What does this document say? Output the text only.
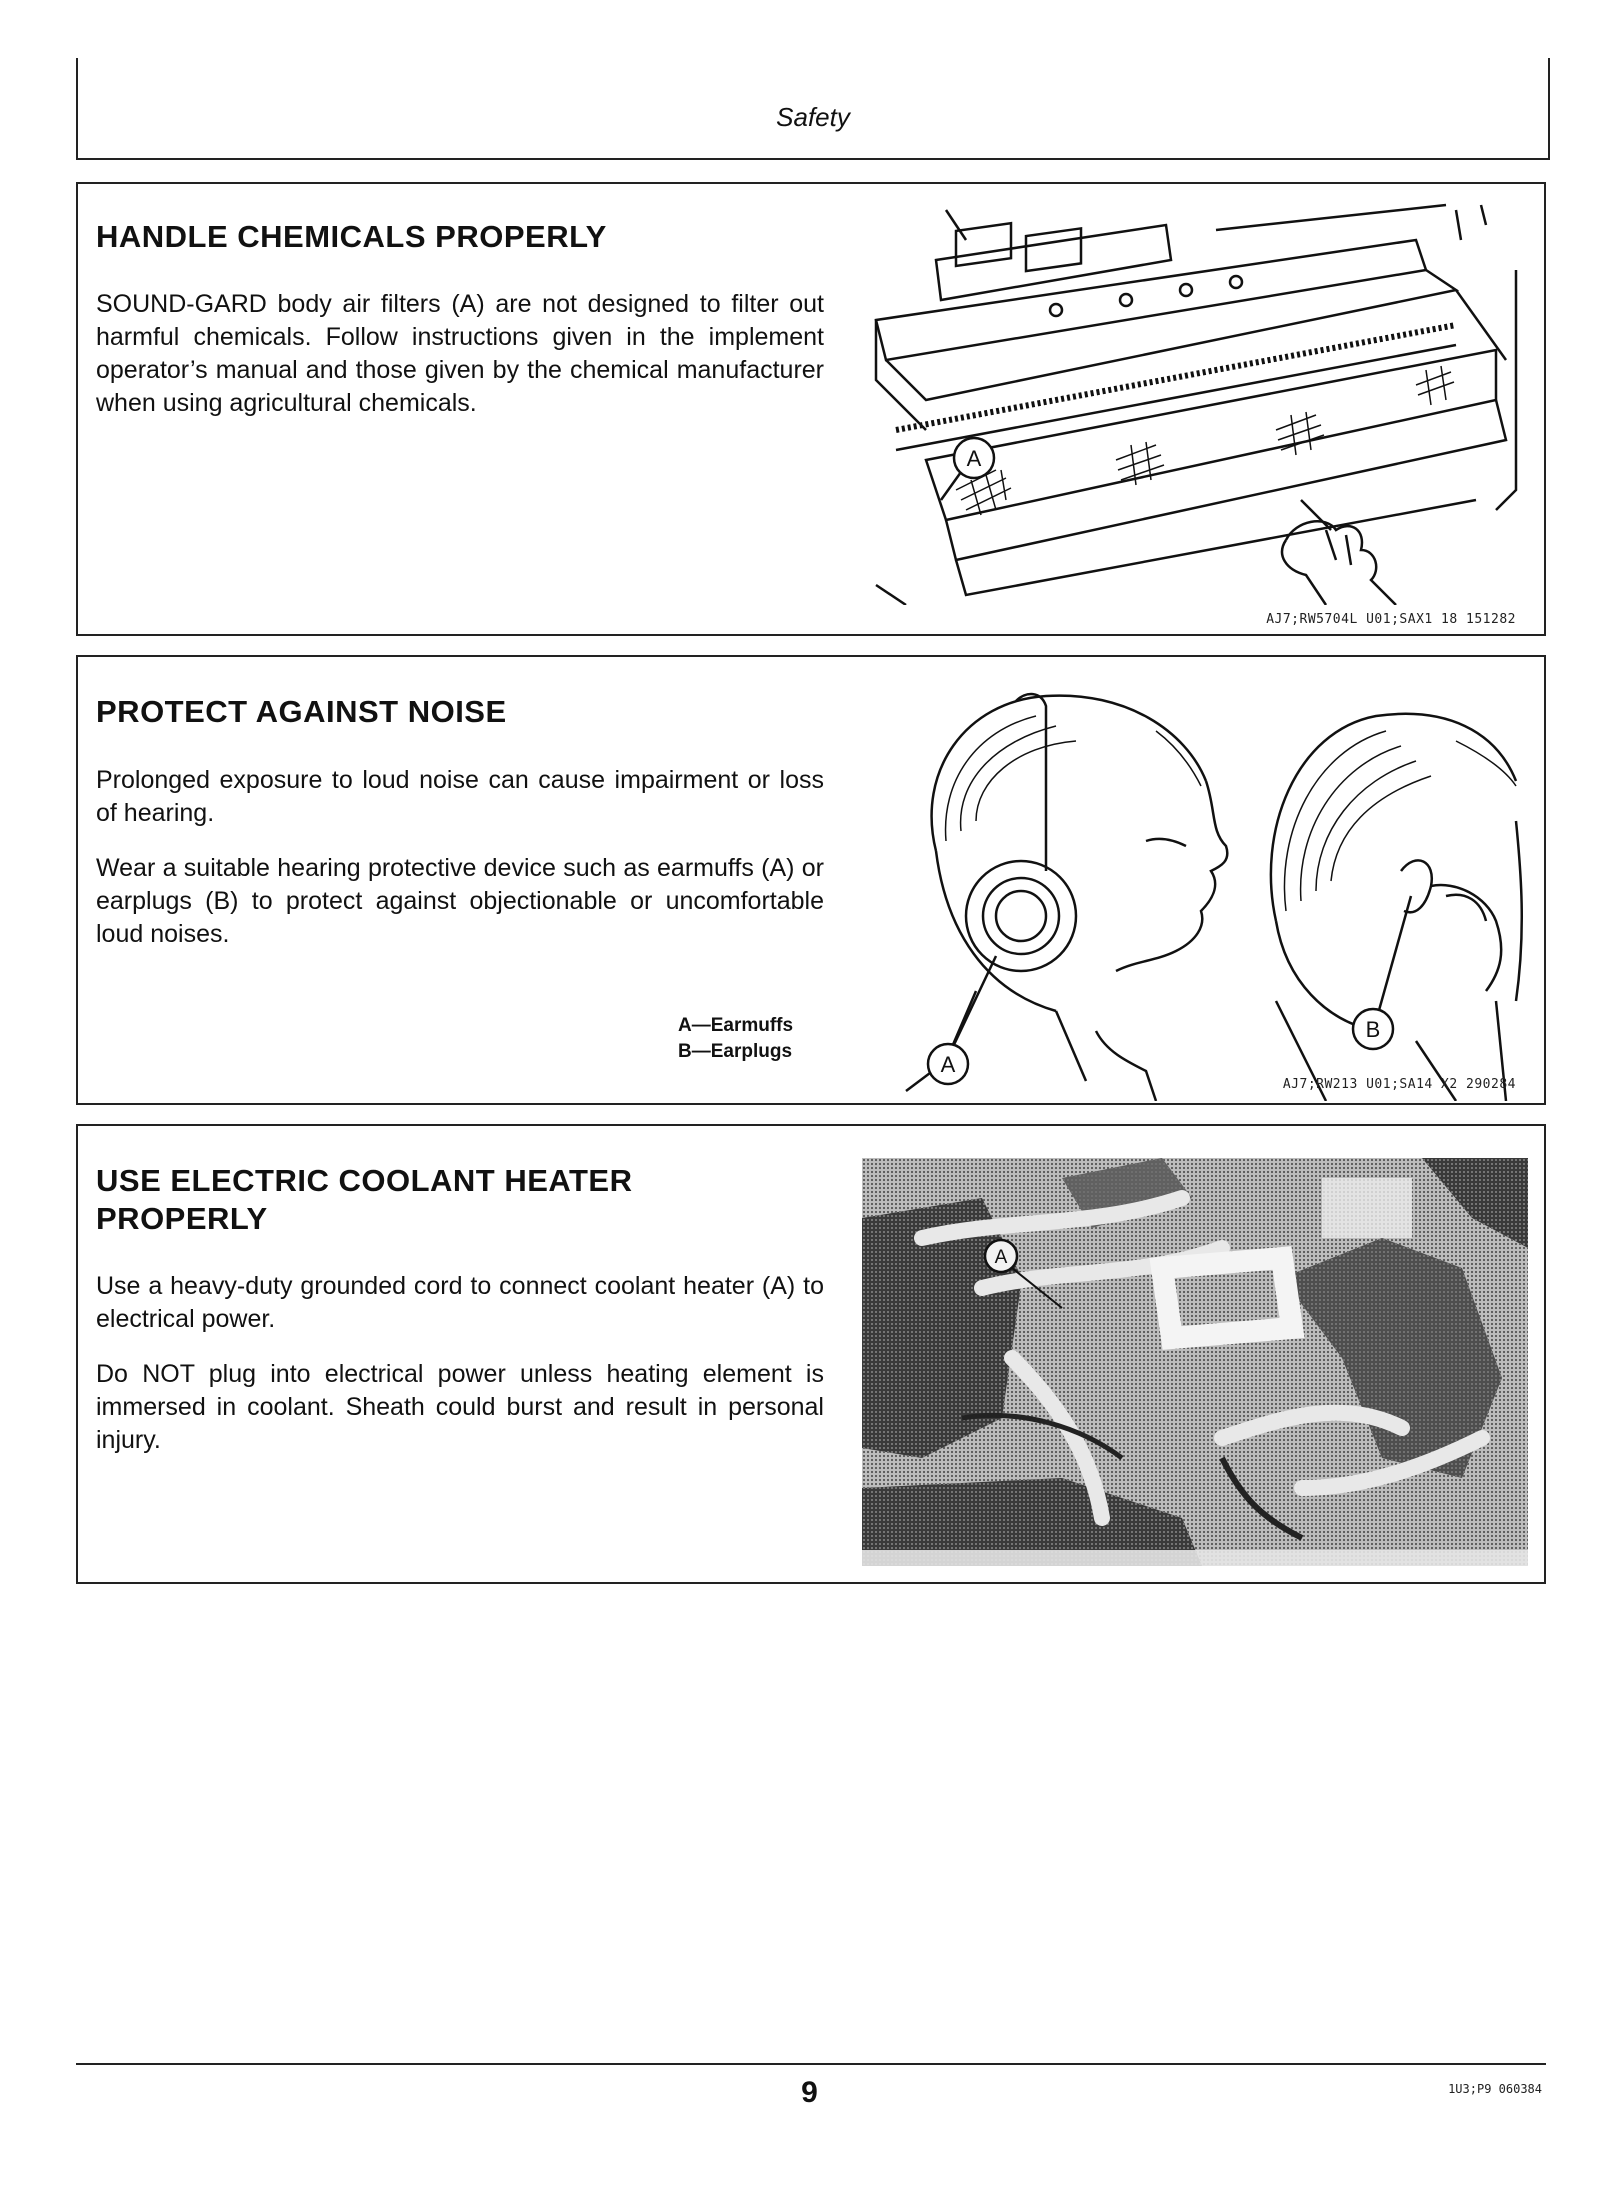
Safety
HANDLE CHEMICALS PROPERLY

SOUND-GARD body air filters (A) are not designed to filter out harmful chemicals. Follow instructions given in the implement operator’s manual and those given by the chemical manufacturer when using agricultural chemicals.

A
AJ7;RW5704L U01;SAX1 18 151282
PROTECT AGAINST NOISE

Prolonged exposure to loud noise can cause impairment or loss of hearing.

Wear a suitable hearing protective device such as earmuffs (A) or earplugs (B) to protect against objectionable or uncomfortable loud noises.

A—Earmuffs
B—Earplugs
A
B
AJ7;RW213 U01;SA14 X2 290284
USE ELECTRIC COOLANT HEATER PROPERLY

Use a heavy-duty grounded cord to connect coolant heater (A) to electrical power.

Do NOT plug into electrical power unless heating element is immersed in coolant. Sheath could burst and result in personal injury.

A
9	1U3;P9 060384
